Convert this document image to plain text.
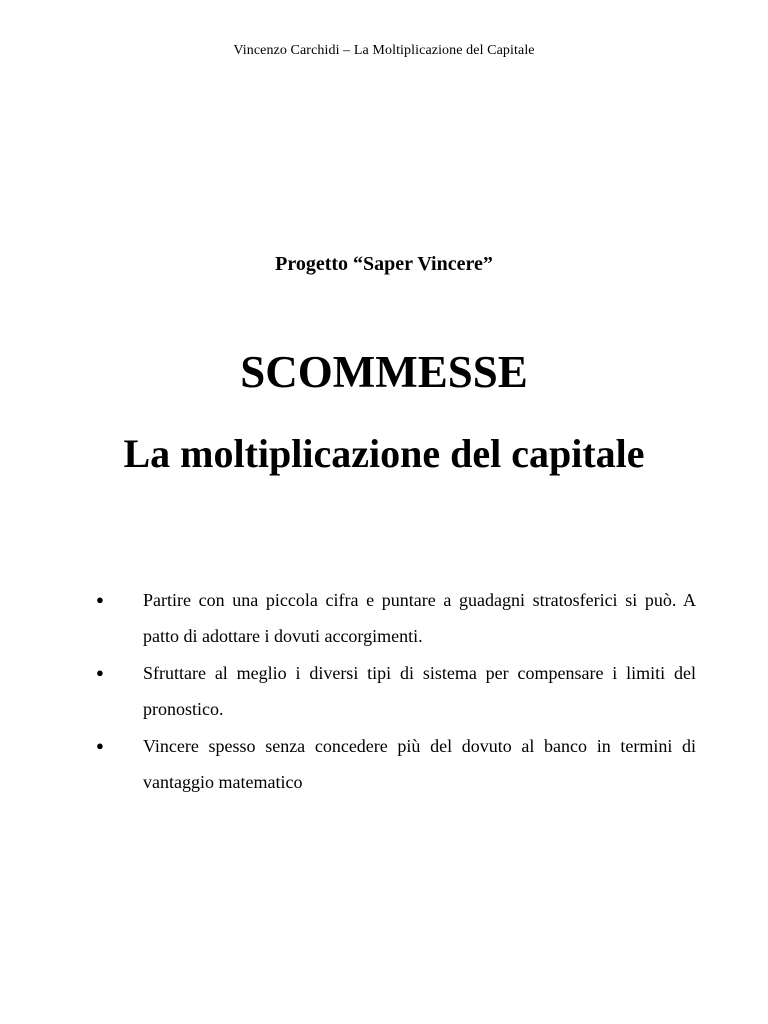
Vincenzo Carchidi – La Moltiplicazione del Capitale
Progetto “Saper Vincere”
SCOMMESSE
La moltiplicazione del capitale
● Partire con una piccola cifra e puntare a guadagni stratosferici si può. A patto di adottare i dovuti accorgimenti.
● Sfruttare al meglio i diversi tipi di sistema per compensare i limiti del pronostico.
● Vincere spesso senza concedere più del dovuto al banco in termini di vantaggio matematico
